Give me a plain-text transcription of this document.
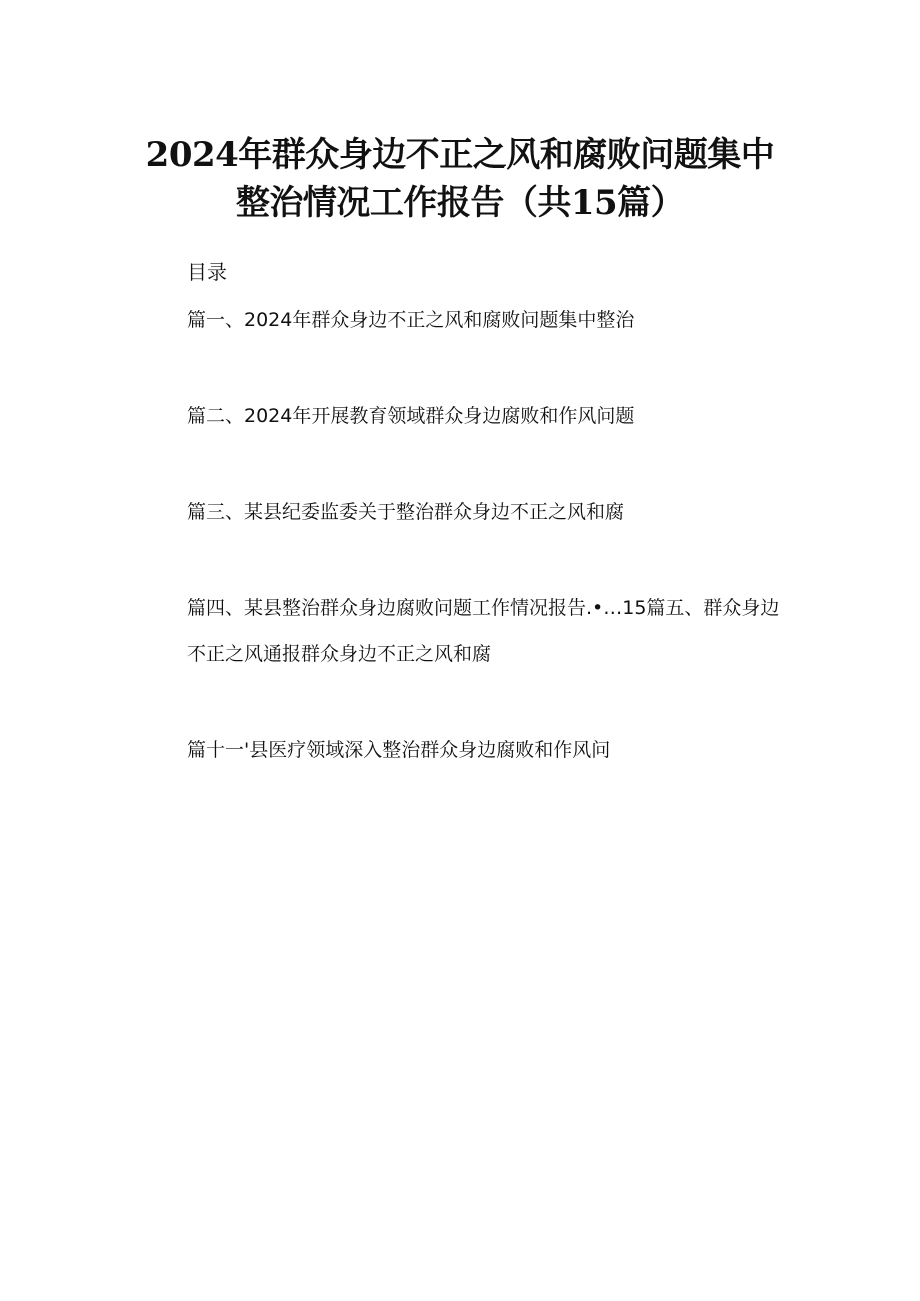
2024年群众身边不正之风和腐败问题集中
整治情况工作报告（共15篇）

目录

篇一、2024年群众身边不正之风和腐败问题集中整治

篇二、2024年开展教育领域群众身边腐败和作风问题

篇三、某县纪委监委关于整治群众身边不正之风和腐

篇四、某县整治群众身边腐败问题工作情况报告.•…15篇五、群众身边不正之风通报群众身边不正之风和腐

篇十一'县医疗领域深入整治群众身边腐败和作风问
